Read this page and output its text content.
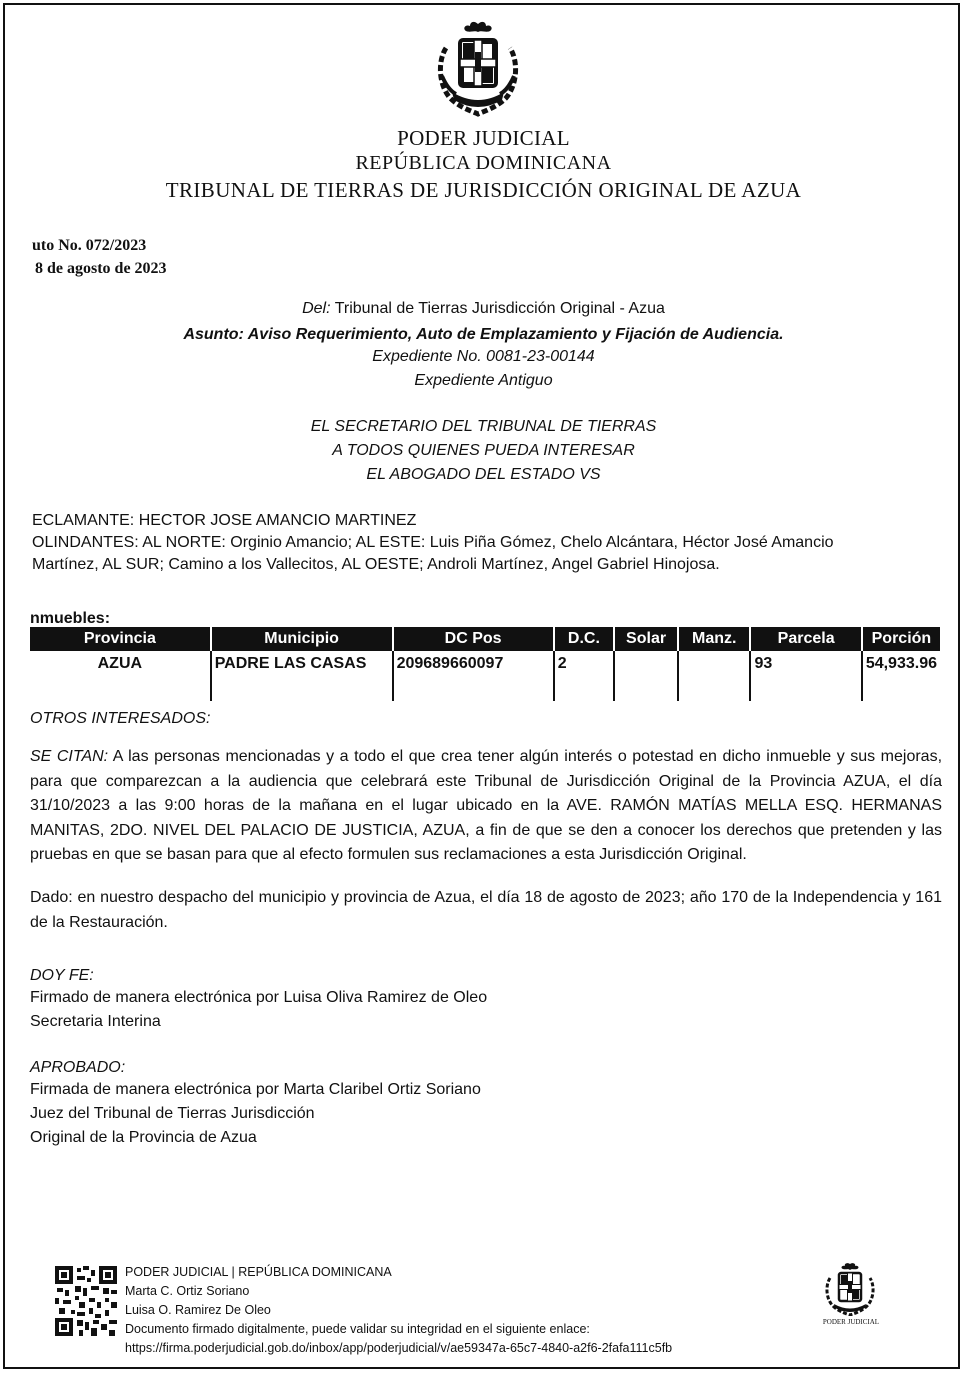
PODER JUDICIAL
REPÚBLICA DOMINICANA
TRIBUNAL DE TIERRAS DE JURISDICCIÓN ORIGINAL DE AZUA
uto No. 072/2023
8 de agosto de 2023
Del: Tribunal de Tierras Jurisdicción Original - Azua
Asunto: Aviso Requerimiento, Auto de Emplazamiento y Fijación de Audiencia.
Expediente No. 0081-23-00144
Expediente Antiguo
EL SECRETARIO DEL TRIBUNAL DE TIERRAS
A TODOS QUIENES PUEDA INTERESAR
EL ABOGADO DEL ESTADO VS
ECLAMANTE: HECTOR JOSE AMANCIO MARTINEZ
OLINDANTES: AL NORTE: Orginio Amancio; AL ESTE: Luis Piña Gómez, Chelo Alcántara, Héctor José Amancio
Martínez, AL SUR; Camino a los Vallecitos, AL OESTE; Androli Martínez, Angel Gabriel Hinojosa.
nmuebles:
Provincia	Municipio	DC Pos	D.C.	Solar	Manz.	Parcela	Porción
AZUA	PADRE LAS CASAS	209689660097	2			93	54,933.96
OTROS INTERESADOS:
SE CITAN: A las personas mencionadas y a todo el que crea tener algún interés o potestad en dicho inmueble y sus mejoras, para que comparezcan a la audiencia que celebrará este Tribunal de Jurisdicción Original de la Provincia AZUA, el día 31/10/2023 a las 9:00 horas de la mañana en el lugar ubicado en la AVE. RAMÓN MATÍAS MELLA ESQ. HERMANAS MANITAS, 2DO. NIVEL DEL PALACIO DE JUSTICIA, AZUA, a fin de que se den a conocer los derechos que pretenden y las pruebas en que se basan para que al efecto formulen sus reclamaciones a esta Jurisdicción Original.
Dado: en nuestro despacho del municipio y provincia de Azua, el día 18 de agosto de 2023; año 170 de la Independencia y 161 de la Restauración.
DOY FE:
Firmado de manera electrónica por Luisa Oliva Ramirez de Oleo
Secretaria Interina
APROBADO:
Firmada de manera electrónica por Marta Claribel Ortiz Soriano
Juez del Tribunal de Tierras Jurisdicción
Original de la Provincia de Azua
PODER JUDICIAL | REPÚBLICA DOMINICANA
Marta C. Ortiz Soriano
Luisa O. Ramirez De Oleo
Documento firmado digitalmente, puede validar su integridad en el siguiente enlace:
https://firma.poderjudicial.gob.do/inbox/app/poderjudicial/v/ae59347a-65c7-4840-a2f6-2fafa111c5fb
PODER JUDICIAL
